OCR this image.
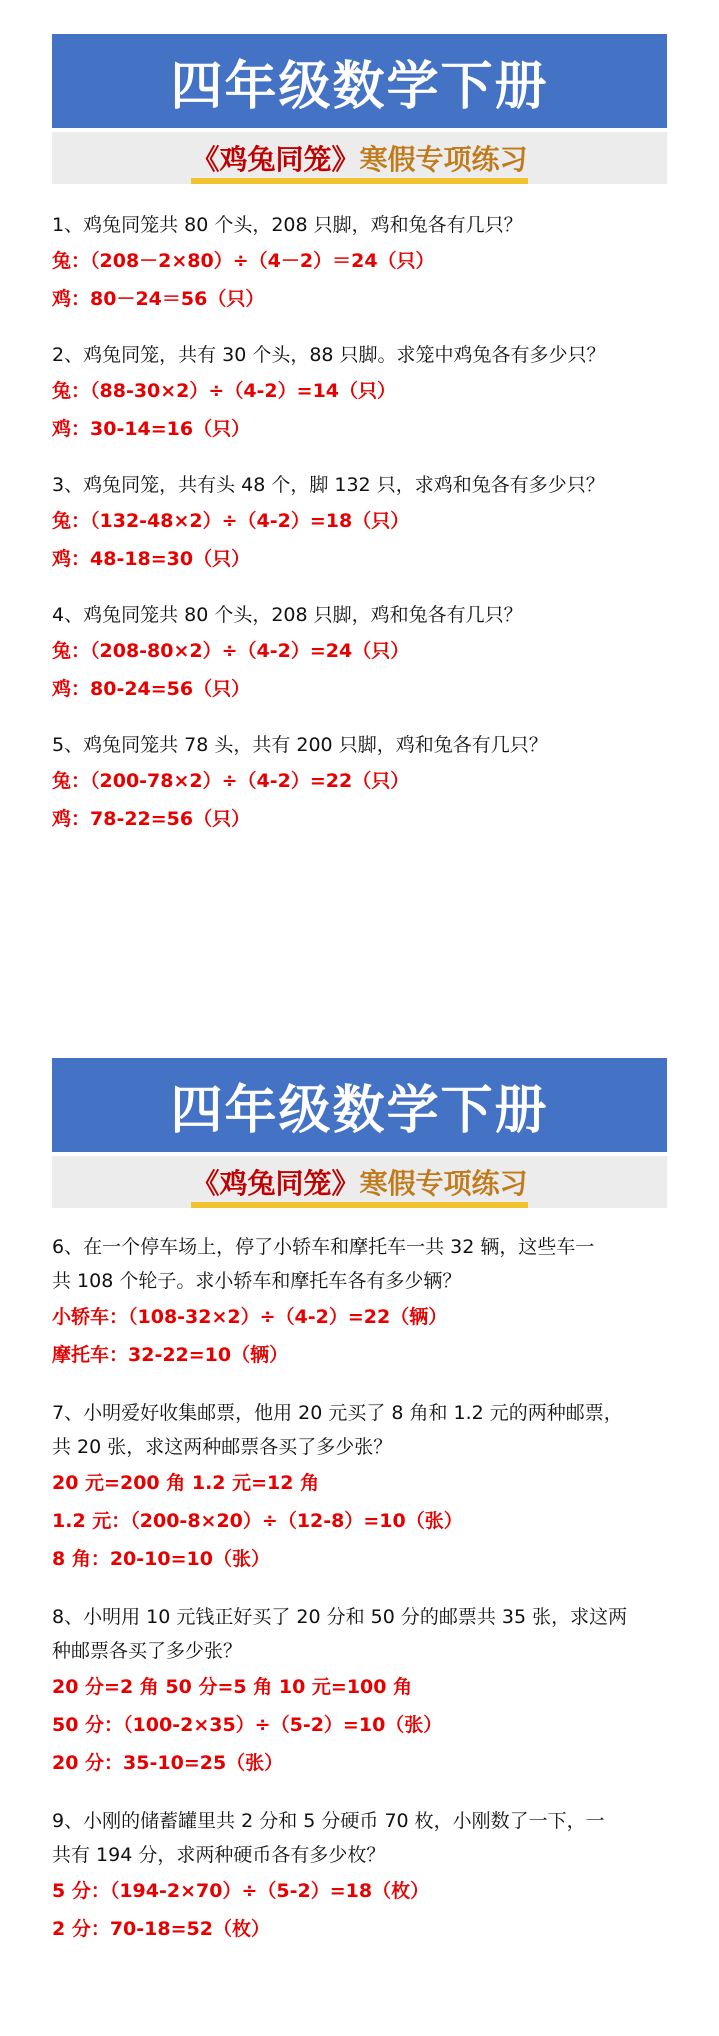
四年级数学下册
《鸡兔同笼》 寒假专项练习

1、鸡兔同笼共 80 个头，208 只脚，鸡和兔各有几只？

兔：（208－2×80）÷（4－2）＝24（只）

鸡：80－24＝56（只）

2、鸡兔同笼，共有 30 个头，88 只脚。求笼中鸡兔各有多少只？

兔：（88-30×2）÷（4-2）=14（只）

鸡：30-14=16（只）

3、鸡兔同笼，共有头 48 个，脚 132 只，求鸡和兔各有多少只？

兔：（132-48×2）÷（4-2）=18（只）

鸡：48-18=30（只）

4、鸡兔同笼共 80 个头，208 只脚，鸡和兔各有几只？

兔：（208-80×2）÷（4-2）=24（只）

鸡：80-24=56（只）

5、鸡兔同笼共 78 头，共有 200 只脚，鸡和兔各有几只？

兔：（200-78×2）÷（4-2）=22（只）

鸡：78-22=56（只）

四年级数学下册
《鸡兔同笼》 寒假专项练习

6、在一个停车场上，停了小轿车和摩托车一共 32 辆，这些车一

共 108 个轮子。求小轿车和摩托车各有多少辆？

小轿车：（108-32×2）÷（4-2）=22（辆）

摩托车：32-22=10（辆）

7、小明爱好收集邮票，他用 20 元买了 8 角和 1.2 元的两种邮票，

共 20 张，求这两种邮票各买了多少张？

20 元=200 角 1.2 元=12 角

1.2 元：（200-8×20）÷（12-8）=10（张）

8 角：20-10=10（张）

8、小明用 10 元钱正好买了 20 分和 50 分的邮票共 35 张，求这两

种邮票各买了多少张？

20 分=2 角 50 分=5 角 10 元=100 角

50 分：（100-2×35）÷（5-2）=10（张）

20 分：35-10=25（张）

9、小刚的储蓄罐里共 2 分和 5 分硬币 70 枚，小刚数了一下，一

共有 194 分，求两种硬币各有多少枚？

5 分：（194-2×70）÷（5-2）=18（枚）

2 分：70-18=52（枚）
